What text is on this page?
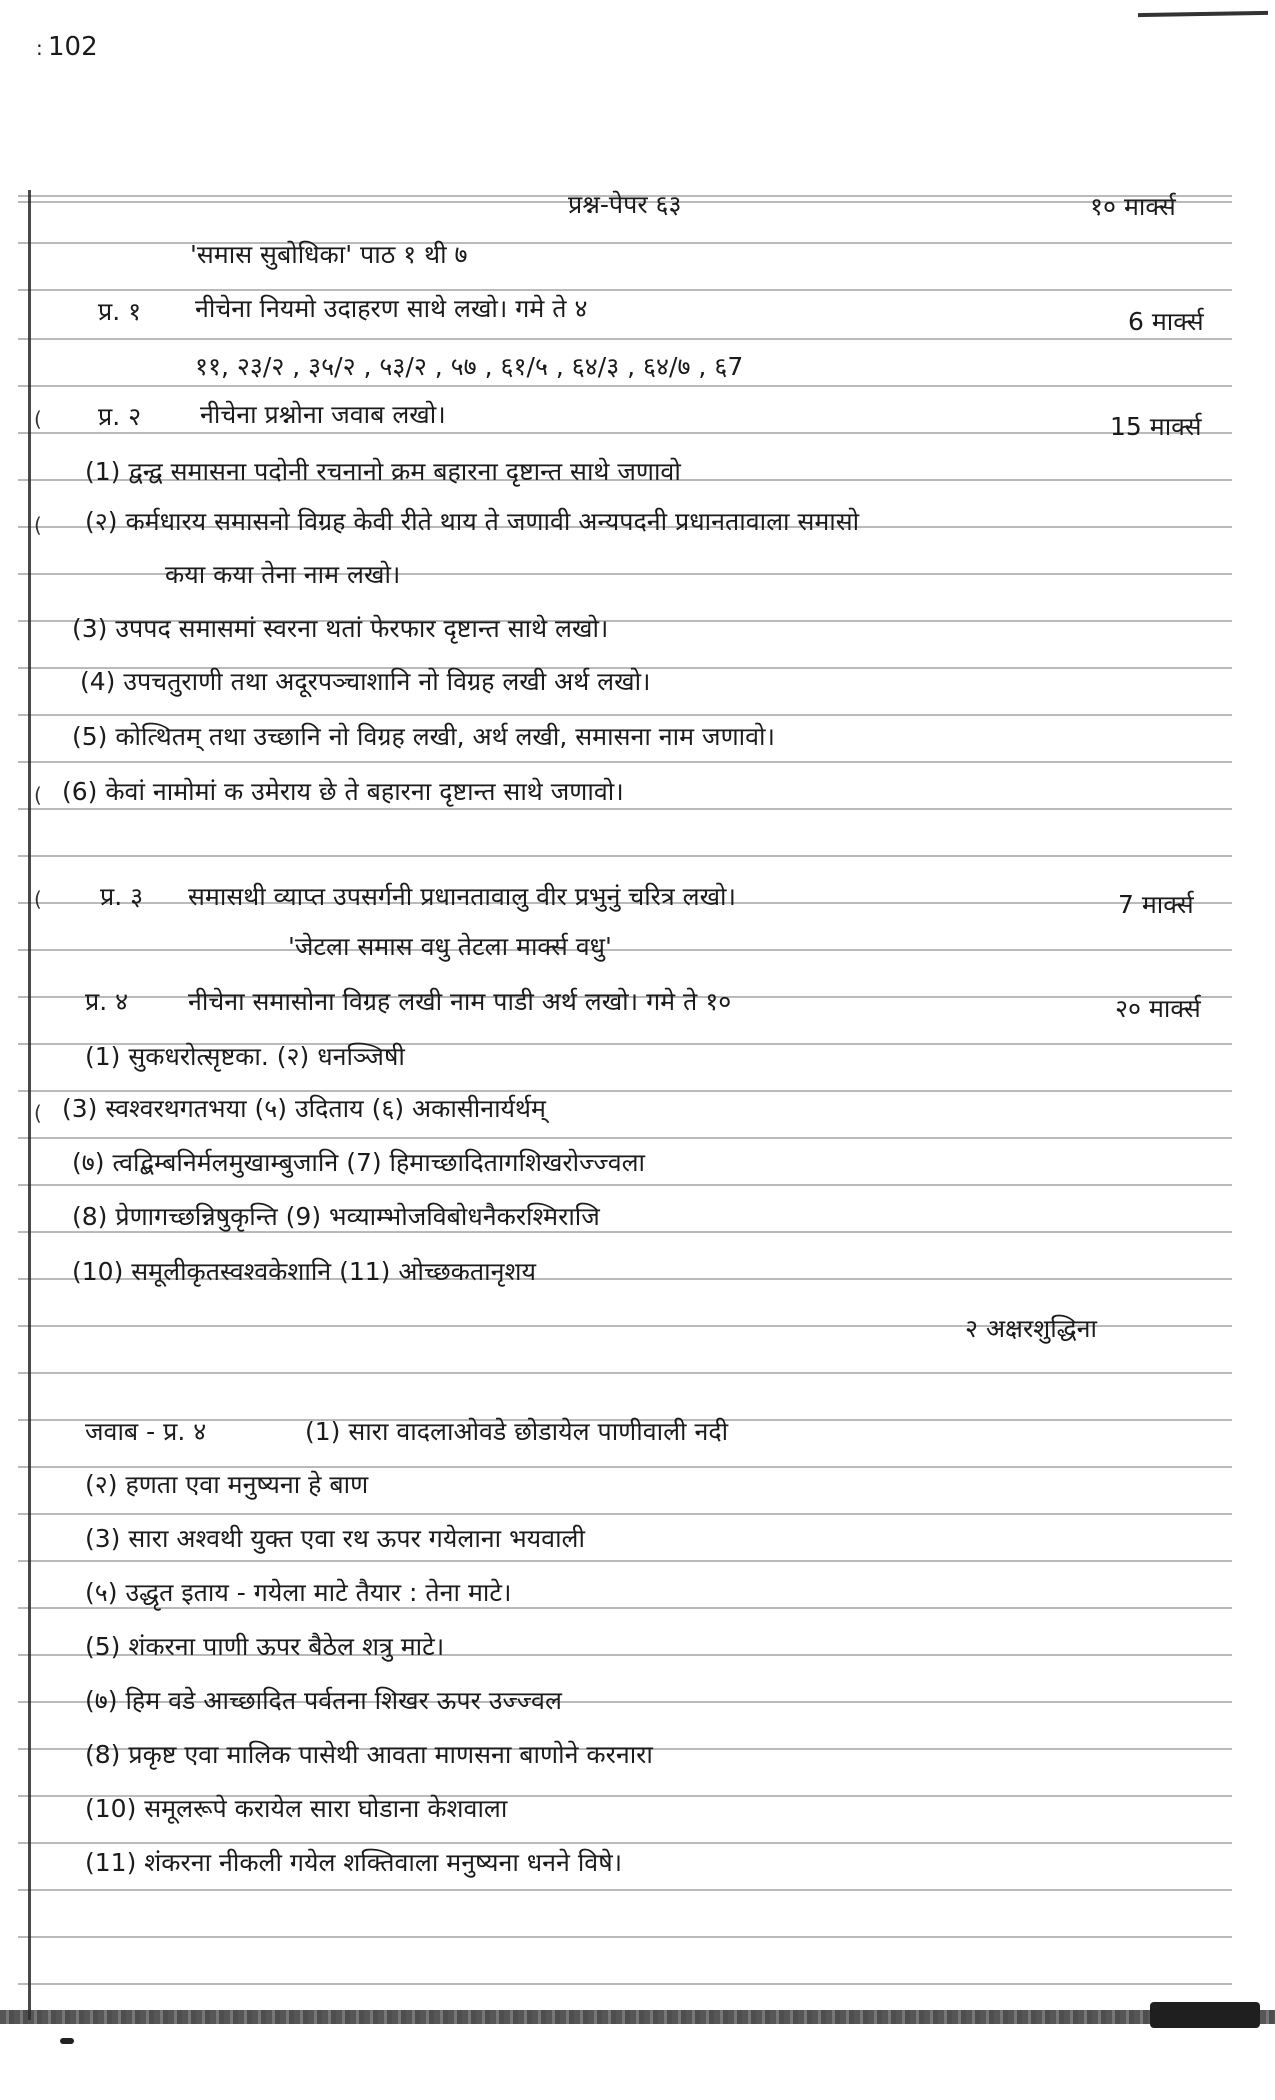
: 102
प्रश्न-पेपर ६३	१० मार्क्स
'समास सुबोधिका' पाठ १ थी ७
प्र. १ नीचेना नियमो उदाहरण साथे लखो। गमे ते ४	6 मार्क्स
११, २३/२ , ३५/२ , ५३/२ , ५७ , ६१/५ , ६४/३ , ६४/७ , ६7
( प्र. २ नीचेना प्रश्नोना जवाब लखो।	15 मार्क्स
(1) द्वन्द्व समासना पदोनी रचनानो क्रम बहारना दृष्टान्त साथे जणावो
( (२) कर्मधारय समासनो विग्रह केवी रीते थाय ते जणावी अन्यपदनी प्रधानतावाला समासो
कया कया तेना नाम लखो।
(3) उपपद समासमां स्वरना थतां फेरफार दृष्टान्त साथे लखो।
(4) उपचतुराणी तथा अदूरपञ्चाशानि नो विग्रह लखी अर्थ लखो।
(5) कोत्थितम् तथा उच्छानि नो विग्रह लखी, अर्थ लखी, समासना नाम जणावो।
( (6) केवां नामोमां क उमेराय छे ते बहारना दृष्टान्त साथे जणावो।
( प्र. ३ समासथी व्याप्त उपसर्गनी प्रधानतावालु वीर प्रभुनुं चरित्र लखो।	7 मार्क्स
'जेटला समास वधु तेटला मार्क्स वधु'
प्र. ४ नीचेना समासोना विग्रह लखी नाम पाडी अर्थ लखो। गमे ते १०	२० मार्क्स
(1) सुकधरोत्सृष्टका. (२) धनञ्जिषी
( (3) स्वश्वरथगतभया (५) उदिताय (६) अकासीनार्यर्थम्
(७) त्वद्बिम्बनिर्मलमुखाम्बुजानि (7) हिमाच्छादितागशिखरोज्ज्वला
(8) प्रेणागच्छन्निषुकृन्ति (9) भव्याम्भोजविबोधनैकरश्मिराजि
(10) समूलीकृतस्वश्वकेशानि (11) ओच्छकतानृशय
२ अक्षरशुद्धिना
जवाब - प्र. ४	(1) सारा वादलाओवडे छोडायेल पाणीवाली नदी
(२) हणता एवा मनुष्यना हे बाण
(3) सारा अश्वथी युक्त एवा रथ ऊपर गयेलाना भयवाली
(५) उद्धृत इताय - गयेला माटे तैयार : तेना माटे।
(5) शंकरना पाणी ऊपर बैठेल शत्रु माटे।
(७) हिम वडे आच्छादित पर्वतना शिखर ऊपर उज्ज्वल
(8) प्रकृष्ट एवा मालिक पासेथी आवता माणसना बाणोने करनारा
(10) समूलरूपे करायेल सारा घोडाना केशवाला
(11) शंकरना नीकली गयेल शक्तिवाला मनुष्यना धनने विषे।
